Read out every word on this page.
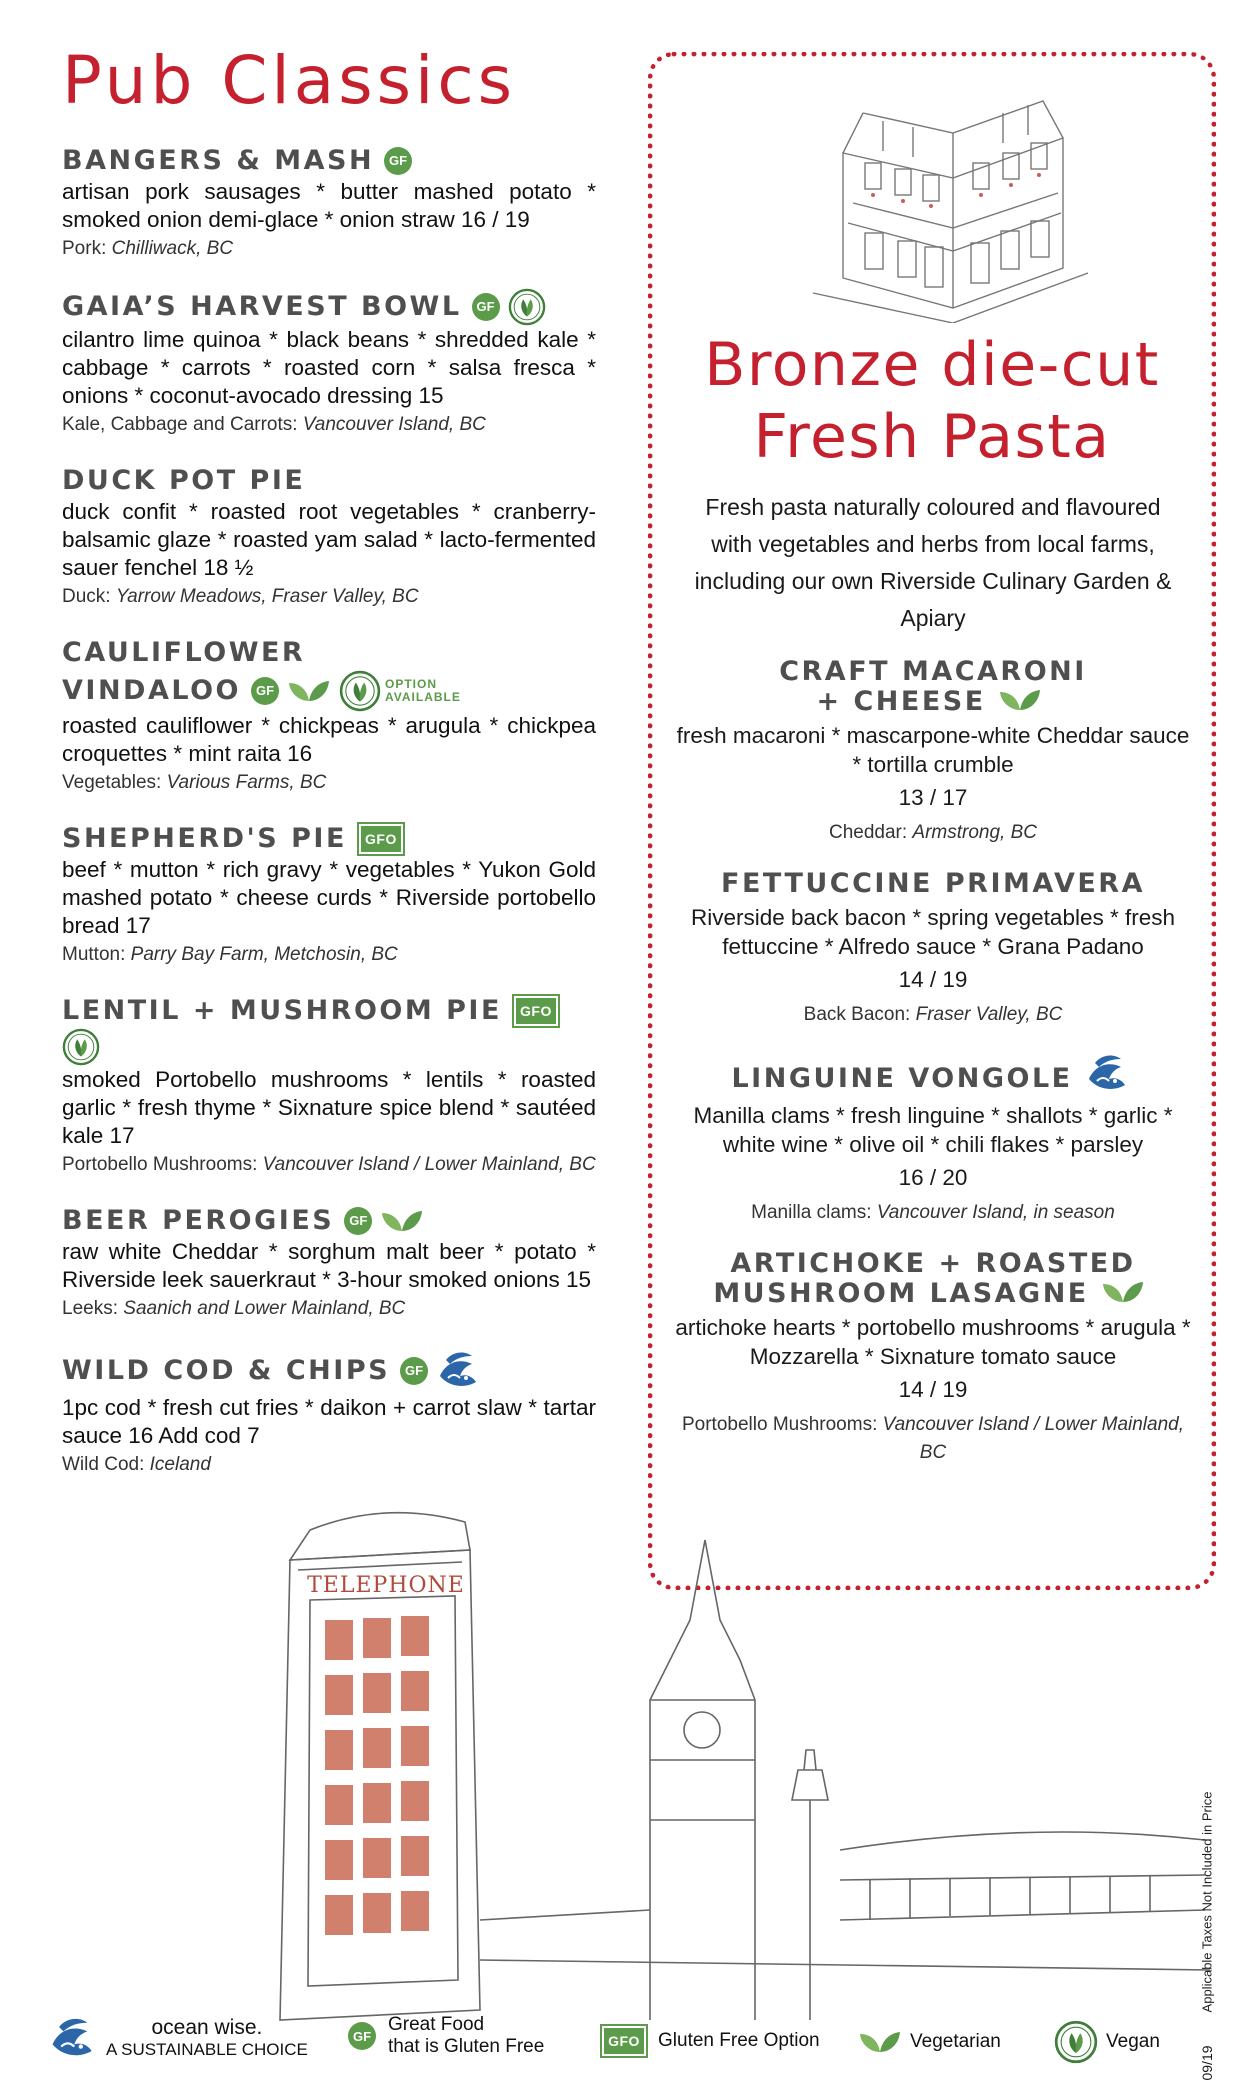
Pub Classics
BANGERS & MASH	GF
artisan pork sausages * butter mashed potato * smoked onion demi-glace * onion straw 16 / 19
Pork: Chilliwack, BC
GAIA’S HARVEST BOWL	GF
cilantro lime quinoa * black beans * shredded kale * cabbage * carrots * roasted corn * salsa fresca * onions * coconut-avocado dressing 15
Kale, Cabbage and Carrots: Vancouver Island, BC
DUCK POT PIE
duck confit * roasted root vegetables * cranberry-balsamic glaze * roasted yam salad * lacto-fermented sauer fenchel 18 ½
Duck: Yarrow Meadows, Fraser Valley, BC
CAULIFLOWER
VINDALOO	GF	OPTION
AVAILABLE
roasted cauliflower * chickpeas * arugula * chickpea croquettes * mint raita 16
Vegetables: Various Farms, BC
SHEPHERD'S PIE	GFO
beef * mutton * rich gravy * vegetables * Yukon Gold mashed potato * cheese curds * Riverside portobello bread 17
Mutton: Parry Bay Farm, Metchosin, BC
LENTIL + MUSHROOM PIE	GFO
smoked Portobello mushrooms * lentils * roasted garlic * fresh thyme * Sixnature spice blend * sautéed kale 17
Portobello Mushrooms: Vancouver Island / Lower Mainland, BC
BEER PEROGIES	GF
raw white Cheddar * sorghum malt beer * potato * Riverside leek sauerkraut * 3-hour smoked onions 15
Leeks: Saanich and Lower Mainland, BC
WILD COD & CHIPS	GF
1pc cod * fresh cut fries * daikon + carrot slaw * tartar sauce 16 Add cod 7
Wild Cod: Iceland
Bronze die-cut
Fresh Pasta
Fresh pasta naturally coloured and flavoured with vegetables and herbs from local farms, including our own Riverside Culinary Garden & Apiary
CRAFT MACARONI
+ CHEESE
fresh macaroni * mascarpone-white Cheddar sauce * tortilla crumble
13 / 17
Cheddar: Armstrong, BC
FETTUCCINE PRIMAVERA
Riverside back bacon * spring vegetables * fresh fettuccine * Alfredo sauce * Grana Padano
14 / 19
Back Bacon: Fraser Valley, BC
LINGUINE VONGOLE
Manilla clams * fresh linguine * shallots * garlic * white wine * olive oil * chili flakes * parsley
16 / 20
Manilla clams: Vancouver Island, in season
ARTICHOKE + ROASTED
MUSHROOM LASAGNE
artichoke hearts * portobello mushrooms * arugula * Mozzarella * Sixnature tomato sauce
14 / 19
Portobello Mushrooms: Vancouver Island / Lower Mainland, BC
TELEPHONE
Applicable Taxes Not Included in Price
09/19
ocean wise.
A SUSTAINABLE CHOICE
GF
Great Food
that is Gluten Free	GFO Gluten Free Option	Vegetarian	Vegan
